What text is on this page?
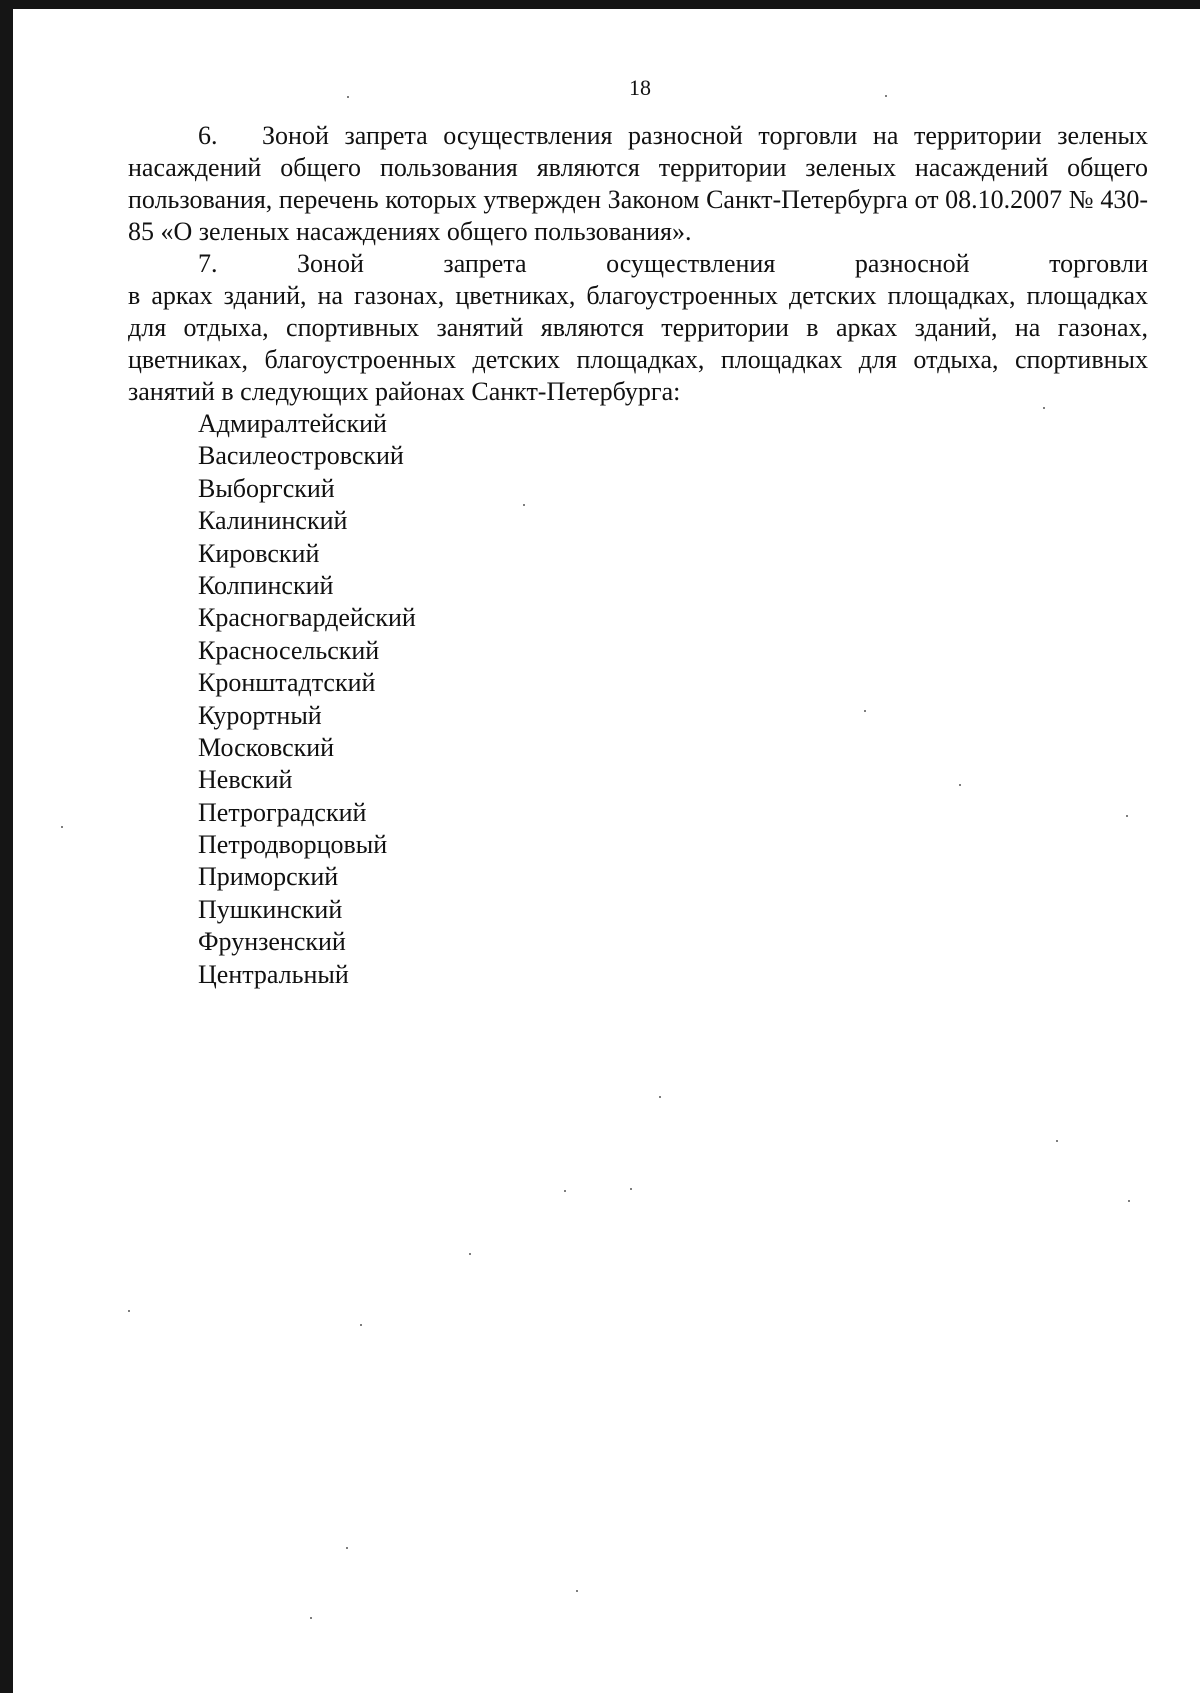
18

6. Зоной запрета осуществления разносной торговли на территории зеленых насаждений общего пользования являются территории зеленых насаждений общего пользования, перечень которых утвержден Законом Санкт-Петербурга от 08.10.2007 № 430-85 «О зеленых насаждениях общего пользования».

7.	Зоной	запрета	осуществления	разносной	торговли
в арках зданий, на газонах, цветниках, благоустроенных детских площадках, площадках для отдыха, спортивных занятий являются территории в арках зданий, на газонах, цветниках, благоустроенных детских площадках, площадках для отдыха, спортивных занятий в следующих районах Санкт-Петербурга:
Адмиралтейский
Василеостровский
Выборгский
Калининский
Кировский
Колпинский
Красногвардейский
Красносельский
Кронштадтский
Курортный
Московский
Невский
Петроградский
Петродворцовый
Приморский
Пушкинский
Фрунзенский
Центральный
